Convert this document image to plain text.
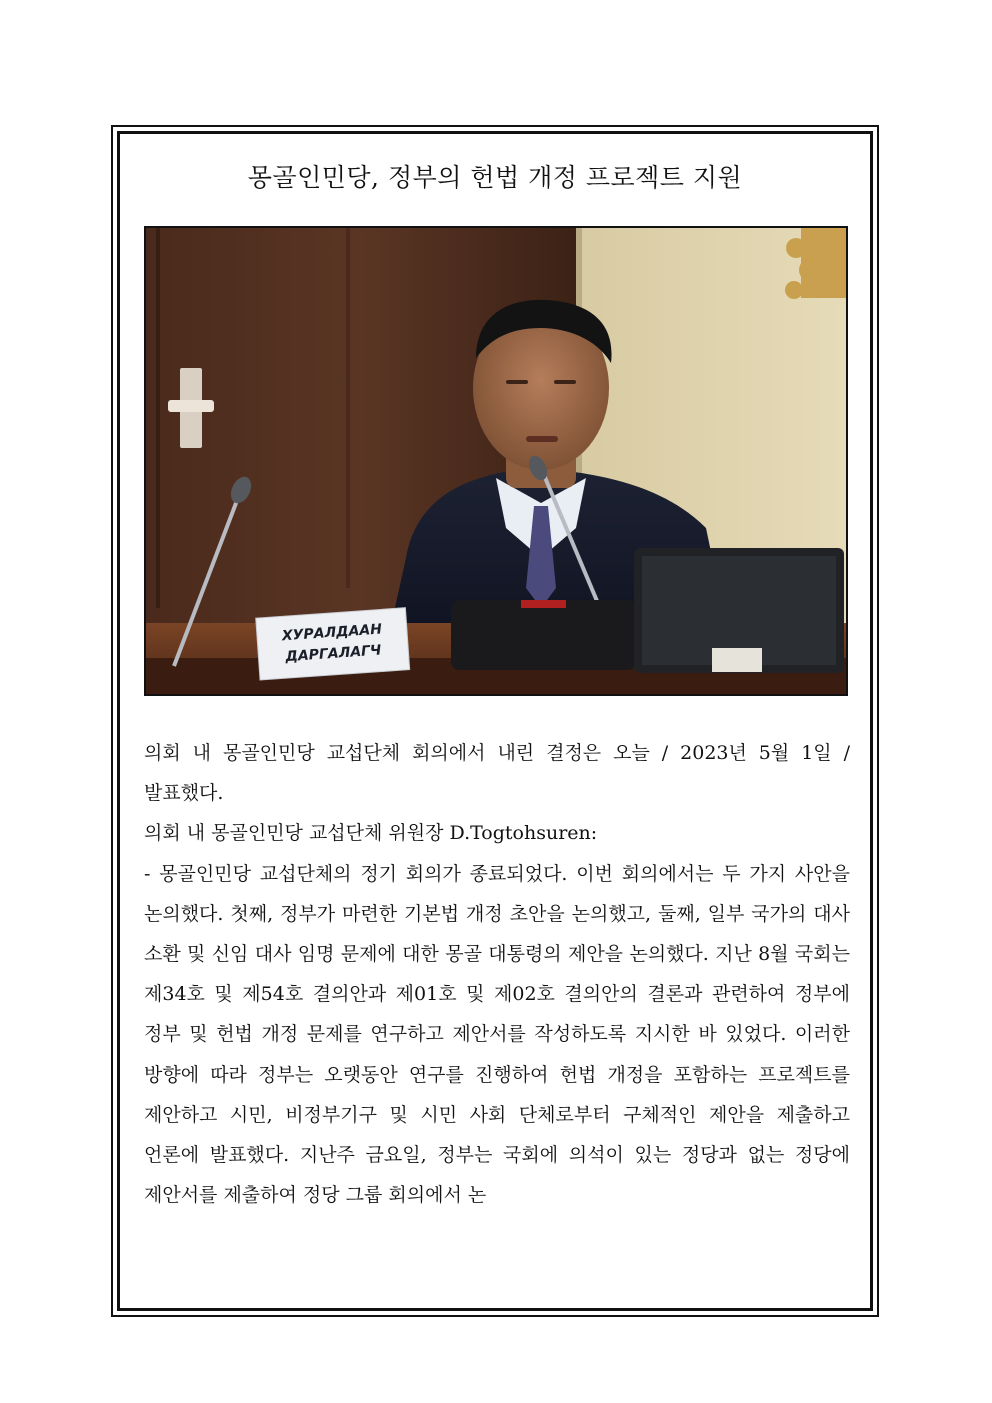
몽골인민당, 정부의 헌법 개정 프로젝트 지원
ХУРАЛДААН
ДАРГАЛАГЧ

의회 내 몽골인민당 교섭단체 회의에서 내린 결정은 오늘 / 2023년 5월 1일 / 발표했다.

의회 내 몽골인민당 교섭단체 위원장 D.Togtohsuren:

- 몽골인민당 교섭단체의 정기 회의가 종료되었다. 이번 회의에서는 두 가지 사안을 논의했다. 첫째, 정부가 마련한 기본법 개정 초안을 논의했고, 둘째, 일부 국가의 대사 소환 및 신임 대사 임명 문제에 대한 몽골 대통령의 제안을 논의했다. 지난 8월 국회는 제34호 및 제54호 결의안과 제01호 및 제02호 결의안의 결론과 관련하여 정부에 정부 및 헌법 개정 문제를 연구하고 제안서를 작성하도록 지시한 바 있었다. 이러한 방향에 따라 정부는 오랫동안 연구를 진행하여 헌법 개정을 포함하는 프로젝트를 제안하고 시민, 비정부기구 및 시민 사회 단체로부터 구체적인 제안을 제출하고 언론에 발표했다. 지난주 금요일, 정부는 국회에 의석이 있는 정당과 없는 정당에 제안서를 제출하여 정당 그룹 회의에서 논
